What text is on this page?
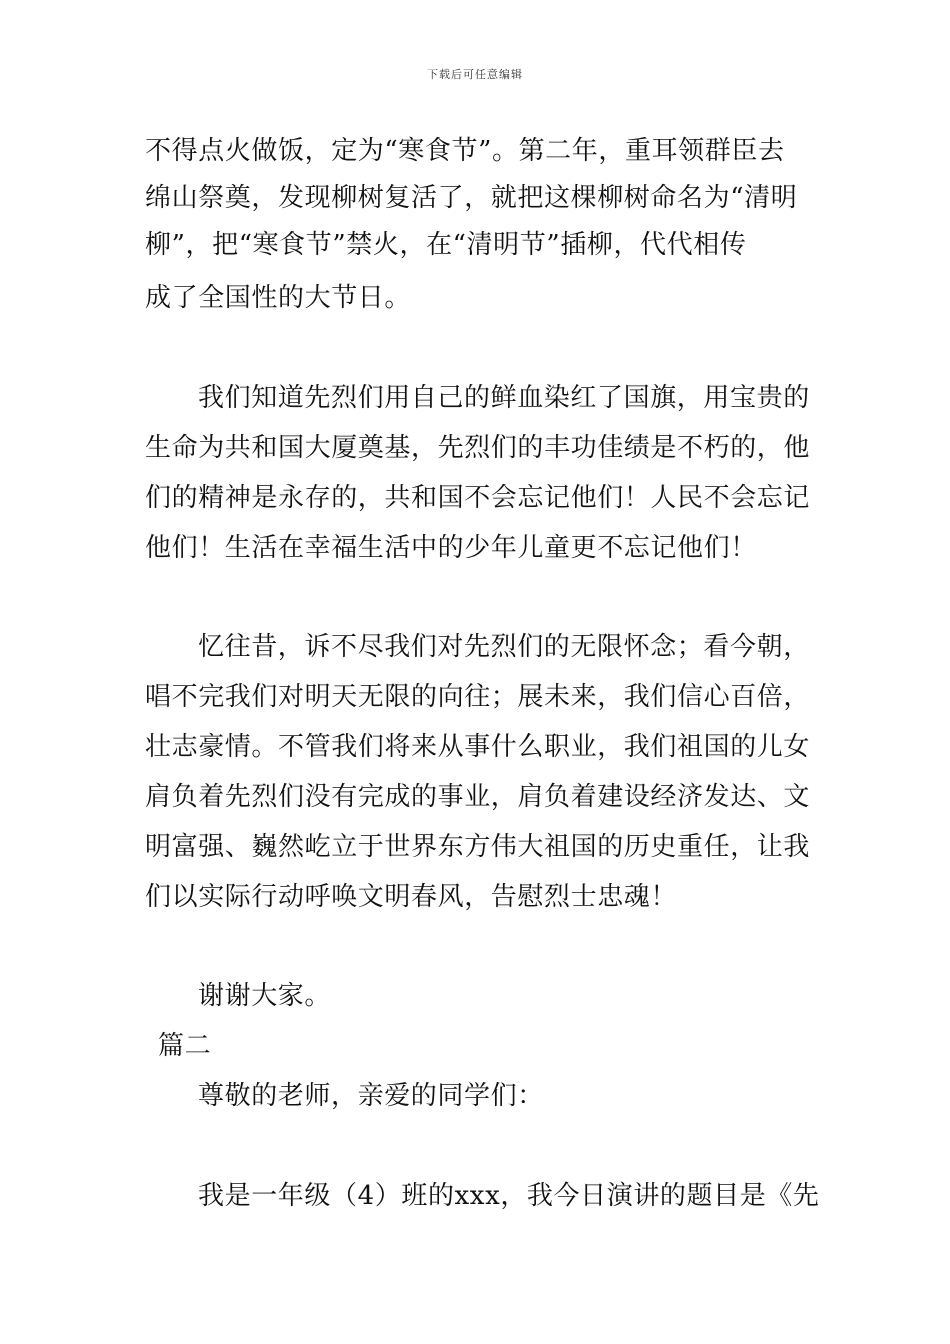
下载后可任意编辑
不得点火做饭，定为“寒食节”。第二年，重耳领群臣去
绵山祭奠，发现柳树复活了，就把这棵柳树命名为“清明
柳”，把“寒食节”禁火，在“清明节”插柳，代代相传
成了全国性的大节日。
我们知道先烈们用自己的鲜血染红了国旗，用宝贵的
生命为共和国大厦奠基，先烈们的丰功佳绩是不朽的，他
们的精神是永存的，共和国不会忘记他们！人民不会忘记
他们！生活在幸福生活中的少年儿童更不忘记他们！
忆往昔，诉不尽我们对先烈们的无限怀念；看今朝，
唱不完我们对明天无限的向往；展未来，我们信心百倍，
壮志豪情。不管我们将来从事什么职业，我们祖国的儿女
肩负着先烈们没有完成的事业，肩负着建设经济发达、文
明富强、巍然屹立于世界东方伟大祖国的历史重任，让我
们以实际行动呼唤文明春风，告慰烈士忠魂！
谢谢大家。
篇二
尊敬的老师，亲爱的同学们：
我是一年级（4）班的xxx，我今日演讲的题目是《先
